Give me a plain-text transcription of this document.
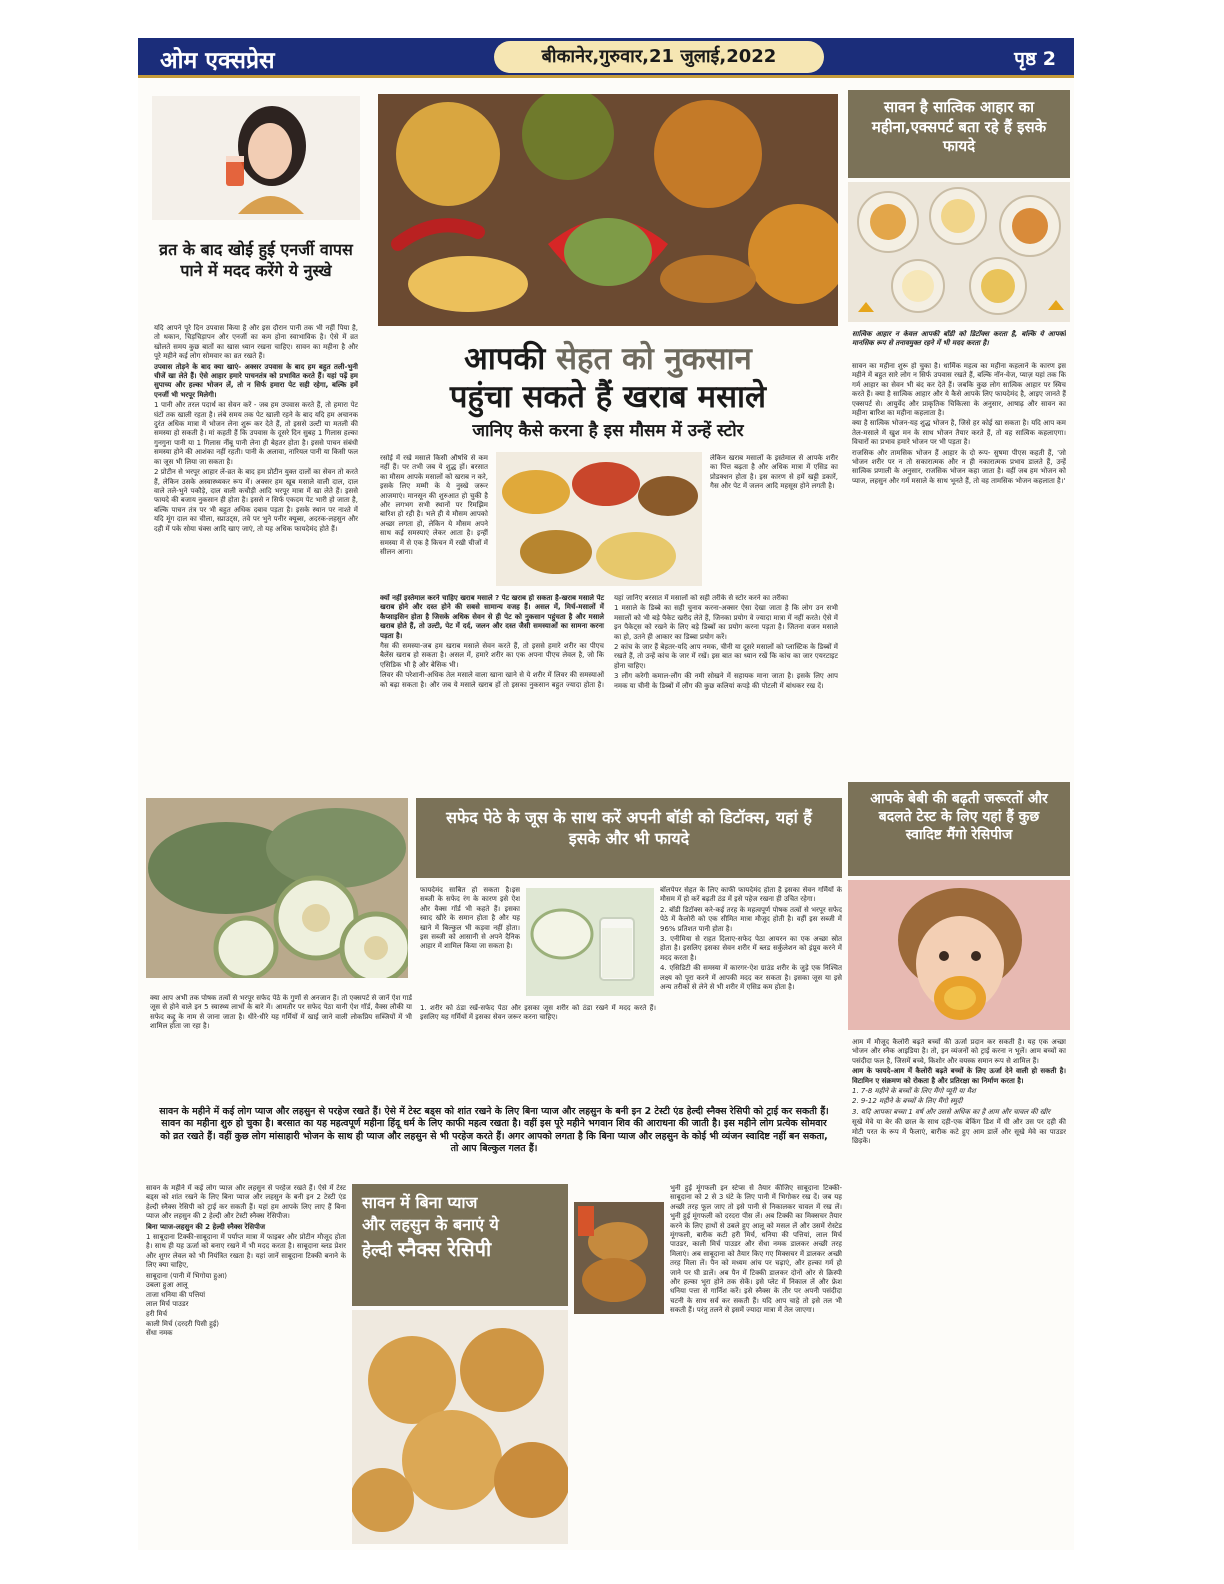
ओम एक्सप्रेस	बीकानेर,गुरुवार,21 जुलाई,2022	पृष्ठ 2
व्रत के बाद खोई हुई एनर्जी वापस पाने में मदद करेंगे ये नुस्खे

यदि आपने पूरे दिन उपवास किया है और इस दौरान पानी तक भी नहीं पिया है, तो थकान, चिड़चिड़ापन और एनर्जी का कम होना स्वाभाविक है। ऐसे में व्रत खोलते समय कुछ बातों का खास ध्यान रखना चाहिए। सावन का महीना है और पूरे महीने कई लोग सोमवार का व्रत रखते हैं।

उपवास तोड़ने के बाद क्या खाएं- अक्सर उपवास के बाद हम बहुत तली-भुनी चीजें खा लेते हैं। ऐसे आहार हमारे पाचनतंत्र को प्रभावित करते हैं। यहां पढ़ें हम सुपाच्य और हल्का भोजन लें, तो न सिर्फ हमारा पेट सही रहेगा, बल्कि हमें एनर्जी भी भरपूर मिलेगी।

1 पानी और तरल पदार्थ का सेवन करें - जब हम उपवास करते हैं, तो हमारा पेट घंटों तक खाली रहता है। लंबे समय तक पेट खाली रहने के बाद यदि हम अचानक दुरंत अधिक मात्रा में भोजन लेना शुरू कर देते हैं, तो इससे उल्टी या मतली की समस्या हो सकती है। मां कहती हैं कि उपवास के दूसरे दिन सुबह 1 गिलास हल्का गुनगुना पानी या 1 गिलास नींबू पानी लेना ही बेहतर होता है। इससे पाचन संबंधी समस्या होने की आशंका नहीं रहती। पानी के अलावा, नारियल पानी या किसी फल का जूस भी लिया जा सकता है।

2 प्रोटीन से भरपूर आहार लें-व्रत के बाद हम प्रोटीन युक्त दालों का सेवन तो करते हैं, लेकिन उसके अस्वास्थ्यकर रूप में। अक्सर हम खूब मसाले वाली दाल, दाल वाले तले-भुने पकौड़े, दाल वाली कचौड़ी आदि भरपूर मात्रा में खा लेते हैं। इससे फायदे की बजाय नुकसान ही होता है। इससे न सिर्फ एकदम पेट भारी हो जाता है, बल्कि पाचन तंत्र पर भी बहुत अधिक दबाव पड़ता है। इसके स्थान पर नाश्ते में यदि मूंग दाल का चीला, स्प्राउट्स, तवे पर भुने पनीर क्यूब्स, अदरक-लहसुन और दही में पके सोया चंक्स आदि खाए जाएं, तो यह अधिक फायदेमंद होते हैं।

आपकी सेहत को नुकसान
पहुंचा सकते हैं खराब मसाले
जानिए कैसे करना है इस मौसम में उन्हें स्टोर

रसोई में रखे मसाले किसी औषधि से कम नहीं हैं। पर तभी जब ये शुद्ध हों। बरसात का मौसम आपके मसालों को खराब न करे, इसके लिए मम्मी के ये नुस्खे जरूर आजमाएं। मानसून की शुरुआत हो चुकी है और लगभग सभी स्थानों पर रिमझिम बारिश हो रही है। भले ही ये मौसम आपको अच्छा लगता हो, लेकिन ये मौसम अपने साथ कई समस्याएं लेकर आता है। इन्हीं समस्या में से एक है किचन में रखी चीजों में सीलन आना।

लेकिन खराब मसालों के इस्तेमाल से आपके शरीर का पित्त बढ़ता है और अधिक मात्रा में एसिड का प्रोडक्शन होता है। इस कारण से हमें खट्टी डकारें, गैस और पेट में जलन आदि महसूस होने लगती है।

क्यों नहीं इस्तेमाल करने चाहिए खराब मसाले ? पेट खराब हो सकता है-खराब मसाले पेट खराब होने और दस्त होने की सबसे सामान्य वजह हैं। असल में, मिर्च-मसालों में कैप्साइसिन होता है जिसके अधिक सेवन से ही पेट को नुकसान पहुंचता है और मसाले खराब होते हैं, तो उल्टी, पेट में दर्द, जलन और दस्त जैसी समस्याओं का सामना करना पड़ता है।

गैस की समस्या-जब हम खराब मसाले सेवन करते हैं, तो इससे हमारे शरीर का पीएच बैलेंस खराब हो सकता है। असल में, हमारे शरीर का एक अपना पीएच लेवल है, जो कि एसिडिक भी है और बेसिक भी।

लिवर की परेशानी-अधिक तेल मसाले वाला खाना खाने से ये शरीर में लिवर की समस्याओं को बढ़ा सकता है। और जब ये मसाले खराब हों तो इसका नुकसान बहुत ज्यादा होता है। यहां जानिए बरसात में मसालों को सही तरीके से स्टोर करने का तरीका

1 मसाले के डिब्बे का सही चुनाव करना-अक्सर ऐसा देखा जाता है कि लोग उन सभी मसालों को भी बड़े पैकेट खरीद लेते हैं, जिनका प्रयोग वे ज्यादा मात्रा में नहीं करते। ऐसे में इन पैकेट्स को रखने के लिए बड़े डिब्बों का प्रयोग करना पड़ता है। जितना वजन मसाले का हो, उतने ही आकार का डिब्बा प्रयोग करें।

2 कांच के जार हैं बेहतर-यदि आप नमक, चीनी या दूसरे मसालों को प्लास्टिक के डिब्बों में रखते हैं, तो उन्हें कांच के जार में रखें। इस बात का ध्यान रखें कि कांच का जार एयरटाइट होना चाहिए।

3 लौंग करेगी कमाल-लौंग की नमी सोखने में सहायक माना जाता है। इसके लिए आप नमक या चीनी के डिब्बों में लौंग की कुछ कलियां कपड़े की पोटली में बांधकर रख दें।

सावन है सात्विक आहार का महीना,एक्सपर्ट बता रहे हैं इसके फायदे
सात्विक आहार न केवल आपकी बॉडी को डिटॉक्स करता है, बल्कि ये आपको मानसिक रूप से तनावमुक्त रहने में भी मदद करता है।

सावन का महीना शुरू हो चुका है। धार्मिक महत्व का महीना कहलाने के कारण इस महीने में बहुत सारे लोग न सिर्फ उपवास रखते हैं, बल्कि नॉन-वेज, प्याज़ यहां तक कि गर्म आहार का सेवन भी बंद कर देते हैं। जबकि कुछ लोग सात्विक आहार पर स्विच करते हैं। क्या है सात्विक आहार और ये कैसे आपके लिए फायदेमंद है, आइए जानते हैं एक्सपर्ट से। आयुर्वेद और प्राकृतिक चिकित्सा के अनुसार, आषाढ़ और सावन का महीना बारिश का महीना कहलाता है।

क्या है सात्विक भोजन-यह शुद्ध भोजन है, जिसे हर कोई खा सकता है। यदि आप कम तेल-मसाले में खुश मन के साथ भोजन तैयार करते हैं, तो वह सात्विक कहलाएगा। विचारों का प्रभाव हमारे भोजन पर भी पड़ता है।

राजसिक और तामसिक भोजन हैं आहार के दो रूप- सुषमा पीएस कहती हैं, 'जो भोजन शरीर पर न तो सकारात्मक और न ही नकारात्मक प्रभाव डालते हैं, उन्हें सात्विक प्रणाली के अनुसार, राजसिक भोजन कहा जाता है। वहीं जब हम भोजन को प्याज, लहसुन और गर्म मसाले के साथ भूनते हैं, तो वह तामसिक भोजन कहलाता है।'

सफेद पेठे के जूस के साथ करें अपनी बॉडी को डिटॉक्स, यहां हैं इसके और भी फायदे

फायदेमंद साबित हो सकता है।इस सब्जी के सफेद रंग के कारण इसे ऐश और वैक्स गॉर्ड भी कहते हैं। इसका स्वाद खीरे के समान होता है और यह खाने में बिल्कुल भी कड़वा नहीं होता। इस सब्जी को आसानी से अपने दैनिक आहार में शामिल किया जा सकता है।

बॉलपेपर सेहत के लिए काफी फायदेमंद होता है इसका सेवन गर्मियों के मौसम में हो करें बढ़ती ठंड में इसे पहेज रखना ही उचित रहेगा।

2. बॉडी डिटॉक्स करे-कई तरह के महत्वपूर्ण पोषक तत्वों से भरपूर सफेद पेठे में कैलोरी को एक सीमित मात्रा मौजूद होती है। वहीं इस सब्जी में 96% प्रतिशत पानी होता है।

3. एनीमिया से राहत दिलाए-सफेद पेठा आयरन का एक अच्छा स्रोत होता है। इसलिए इसका सेवन शरीर में ब्लड सर्कुलेशन को इंप्रूव करने में मदद करता है।

4. एसिडिटी की समस्या में कारगर-ऐश ग्राउंड शरीर के जुड़े एक निश्चित लक्ष्य को पूरा करने में आपकी मदद कर सकता है। इसका जूस या इसे अन्य तरीकों से लेने से भी शरीर में एसिड कम होता है।

क्या आप अभी तक पोषक तत्वों से भरपूर सफेद पेठे के गुणों से अनजान हैं। तो एक्सपर्ट से जानें ऐश गार्ड जूस से होने वाले इन 5 स्वास्थ्य लाभों के बारे में। आमतौर पर सफेद पेठा यानी ऐश गॉर्ड, वैक्स लौकी या सफेद कद्दू के नाम से जाना जाता है। धीरे-धीरे यह गर्मियों में खाई जाने वाली लोकप्रिय सब्जियों में भी शामिल होता जा रहा है।

1. शरीर को ठंडा रखें-सफेद पेठा और इसका जूस शरीर को ठंडा रखने में मदद करते हैं। इसलिए यह गर्मियों में इसका सेवन जरूर करना चाहिए।

आपके बेबी की बढ़ती जरूरतों और बदलते टेस्ट के लिए यहां हैं कुछ स्वादिष्ट मैंगो रेसिपीज

आम में मौजूद कैलोरी बढ़ते बच्चों की ऊर्जा प्रदान कर सकती है। यह एक अच्छा भोजन और स्नैक आइडिया है। तो, इन व्यंजनों को ट्राई करना न भूलें। आम बच्चों का पसंदीदा फल है, जिसमें बच्चे, किशोर और वयस्क समान रूप से शामिल हैं।

आम के फायदे-आम में कैलोरी बढ़ते बच्चों के लिए ऊर्जा देने वाली हो सकती है। विटामिन ए संक्रमण को रोकता है और प्रतिरक्षा का निर्माण करता है।

1. 7-8 महीने के बच्चों के लिए मैंगो प्यूरी या मैश

2. 9-12 महीने के बच्चों के लिए मैंगो स्मूदी

3. यदि आपका बच्चा 1 वर्ष और उससे अधिक का है आम और चावल की खीर

सूखे मेवे या बेर की छाल के साथ दही-एक बेकिंग डिश में घी और उस पर दही की मोटी परत के रूप में फैलाएं, बारीक कटे हुए आम डालें और सूखे मेवे का पाउडर छिड़कें।

सावन के महीने में कई लोग प्याज और लहसुन से परहेज रखते हैं। ऐसे में टेस्ट बड्स को शांत रखने के लिए बिना प्याज और लहसुन के बनी इन 2 टेस्टी एंड हेल्दी स्नैक्स रेसिपी को ट्राई कर सकती हैं। सावन का महीना शुरु हो चुका है। बरसात का यह महत्वपूर्ण महीना हिंदू धर्म के लिए काफी महत्व रखता है। वहीं इस पूरे महीने भगवान शिव की आराधना की जाती है। इस महीने लोग प्रत्येक सोमवार को व्रत रखते हैं। वहीं कुछ लोग मांसाहारी भोजन के साथ ही प्याज और लहसुन से भी परहेज करते हैं। अगर आपको लगता है कि बिना प्याज और लहसुन के कोई भी व्यंजन स्वादिष्ट नहीं बन सकता, तो आप बिल्कुल गलत हैं।

सावन के महीने में कई लोग प्याज और लहसुन से परहेज रखते हैं। ऐसे में टेस्ट बड्स को शांत रखने के लिए बिना प्याज और लहसुन के बनी इन 2 टेस्टी एंड हेल्दी स्नैक्स रेसिपी को ट्राई कर सकती हैं। यहां हम आपके लिए लाए हैं बिना प्याज और लहसुन की 2 हेल्दी और टेस्टी स्नैक्स रेसिपीज।

बिना प्याज-लहसुन की 2 हेल्दी स्नैक्स रेसिपीज

1 साबूदाना टिक्की-साबूदाना में पर्याप्त मात्रा में फाइबर और प्रोटीन मौजूद होता है। साथ ही यह ऊर्जा को बनाए रखने में भी मदद करता है। साबूदाना ब्लड प्रेशर और शुगर लेवल को भी नियंत्रित रखता है। यहां जानें साबूदाना टिक्की बनाने के लिए क्या चाहिए,

साबूदाना (पानी में भिगोया हुआ)
उबला हुआ आलू
ताजा धनिया की पत्तियां
लाल मिर्च पाउडर
हरी मिर्च
काली मिर्च (दरदरी पिसी हुई)
सेंधा नमक
सावन में बिना प्याज
और लहसुन के बनाएं ये
हेल्दी स्नैक्स रेसिपी

भुनी हुई मूंगफली इन स्टेप्स से तैयार कीजिए साबूदाना टिक्की-साबूदाना को 2 से 3 घंटे के लिए पानी में भिगोकर रख दें। जब यह अच्छी तरह फूल जाए तो इसे पानी से निकालकर चावल में रख लें। भुनी हुई मूंगफली को दरदरा पीस लें। अब टिक्की का मिक्सचर तैयार करने के लिए हाथों से उबले हुए आलू को मसल लें और उसमें रोस्टेड मूंगफली, बारीक कटी हरी मिर्च, धनिया की पत्तियां, लाल मिर्च पाउडर, काली मिर्च पाउडर और सेंधा नमक डालकर अच्छी तरह मिलाएं। अब साबूदाना को तैयार किए गए मिक्सचर में डालकर अच्छी तरह मिला लें। पैन को मध्यम आंच पर चढ़ाएं, और हल्का गर्म हो जाने पर घी डालें। अब पैन में टिक्की डालकर दोनों ओर से क्रिस्पी और हल्का भूरा होने तक सेकें। इसे प्लेट में निकाल लें और फ्रेश धनिया पत्ता से गार्निश करें। इसे स्नैक्स के तौर पर अपनी पसंदीदा चटनी के साथ सर्व कर सकती हैं। यदि आप चाहे तो इसे तल भी सकती हैं। परंतु तलने से इसमें ज्यादा मात्रा में तेल जाएगा।
